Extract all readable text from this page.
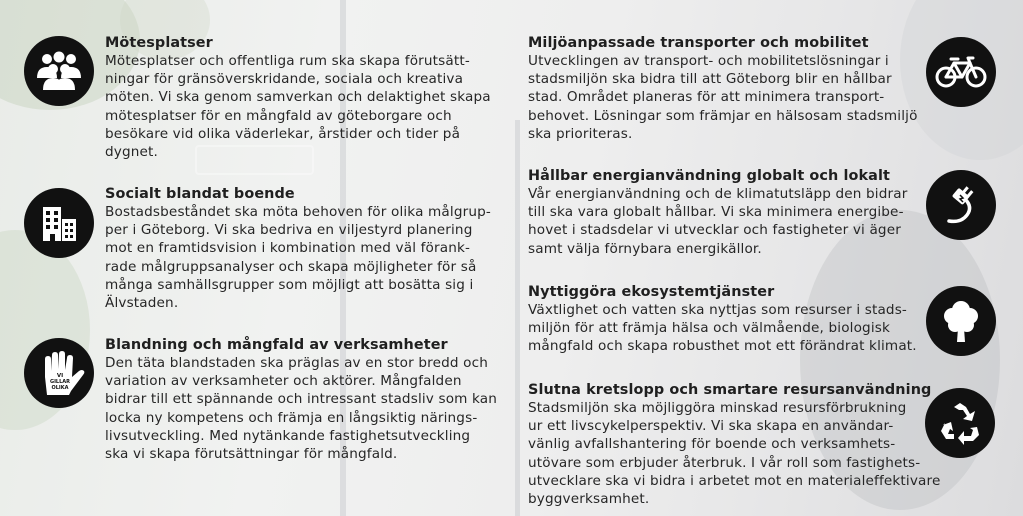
Mötesplatser
Mötesplatser och offentliga rum ska skapa förutsätt-
ningar för gränsöverskridande, sociala och kreativa
möten. Vi ska genom samverkan och delaktighet skapa
mötesplatser för en mångfald av göteborgare och
besökare vid olika väderlekar, årstider och tider på
dygnet.
Socialt blandat boende
Bostadsbeståndet ska möta behoven för olika målgrup-
per i Göteborg. Vi ska bedriva en viljestyrd planering
mot en framtidsvision i kombination med väl förank-
rade målgruppsanalyser och skapa möjligheter för så
många samhällsgrupper som möjligt att bosätta sig i
Älvstaden.
Blandning och mångfald av verksamheter
Den täta blandstaden ska präglas av en stor bredd och
variation av verksamheter och aktörer. Mångfalden
bidrar till ett spännande och intressant stadsliv som kan
locka ny kompetens och främja en långsiktig närings-
livsutveckling. Med nytänkande fastighetsutveckling
ska vi skapa förutsättningar för mångfald.
VI
GILLAR
OLIKA
Miljöanpassade transporter och mobilitet
Utvecklingen av transport- och mobilitetslösningar i
stadsmiljön ska bidra till att Göteborg blir en hållbar
stad. Området planeras för att minimera transport-
behovet. Lösningar som främjar en hälsosam stadsmiljö
ska prioriteras.
Hållbar energianvändning globalt och lokalt
Vår energianvändning och de klimatutsläpp den bidrar
till ska vara globalt hållbar. Vi ska minimera energibe-
hovet i stadsdelar vi utvecklar och fastigheter vi äger
samt välja förnybara energikällor.
Nyttiggöra ekosystemtjänster
Växtlighet och vatten ska nyttjas som resurser i stads-
miljön för att främja hälsa och välmående, biologisk
mångfald och skapa robusthet mot ett förändrat klimat.
Slutna kretslopp och smartare resursanvändning
Stadsmiljön ska möjliggöra minskad resursförbrukning
ur ett livscykelperspektiv. Vi ska skapa en användar-
vänlig avfallshantering för boende och verksamhets-
utövare som erbjuder återbruk. I vår roll som fastighets-
utvecklare ska vi bidra i arbetet mot en materialeffektivare
byggverksamhet.
